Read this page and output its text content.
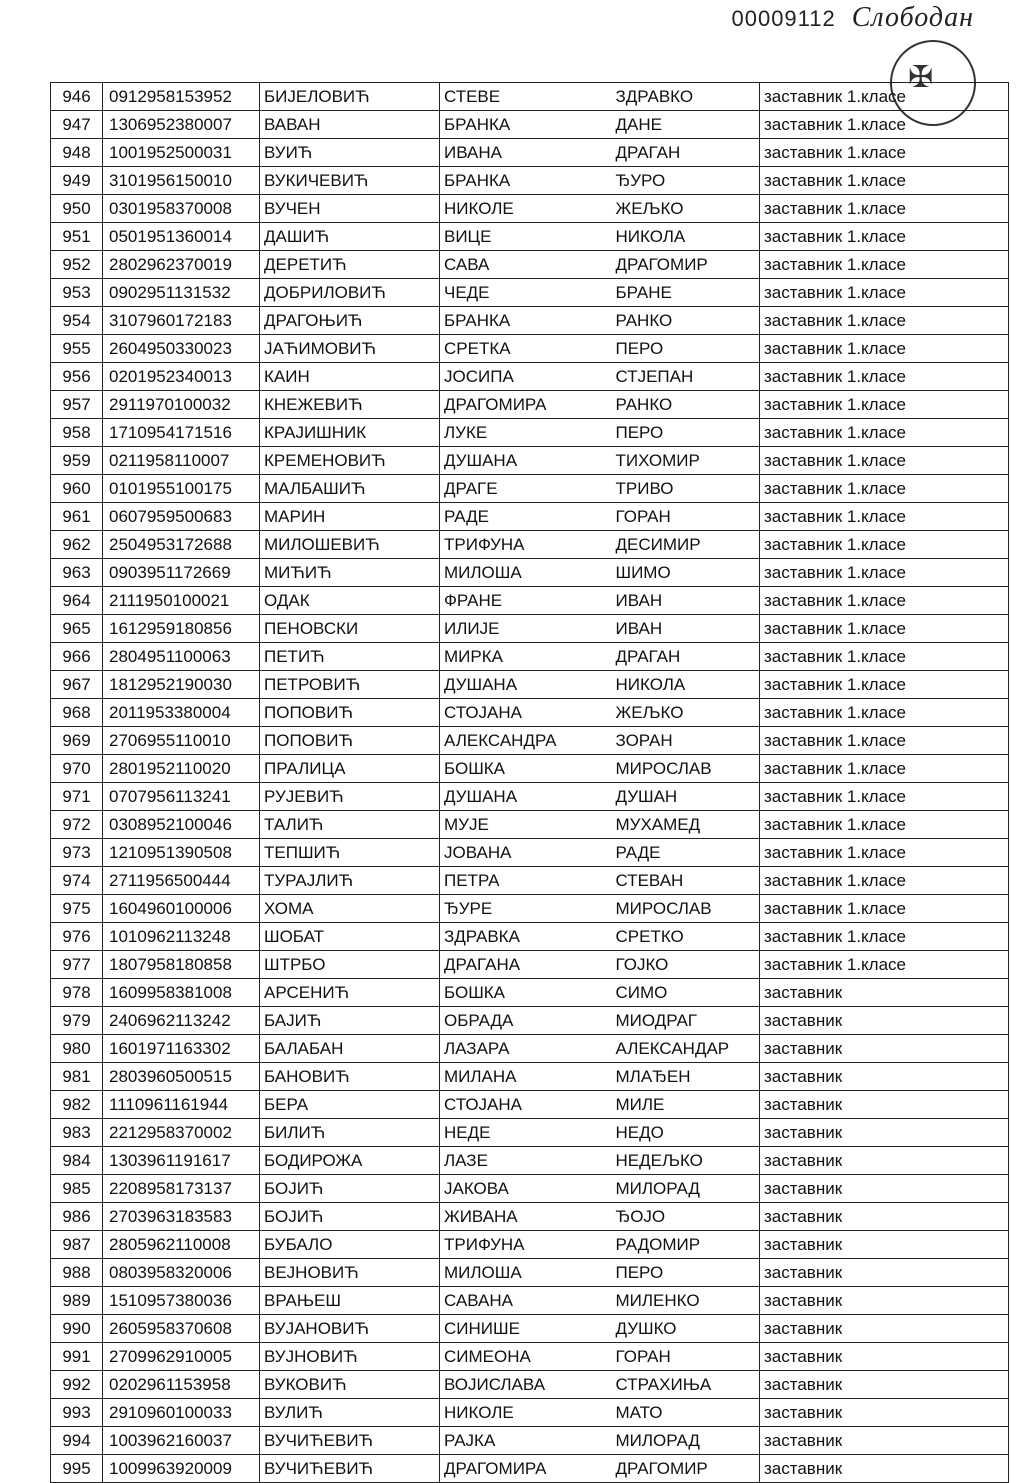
00009112 Слободан
✠
946	0912958153952	БИЈЕЛОВИЋ	СТЕВЕ	ЗДРАВКО	заставник 1.класе
947	1306952380007	ВАВАН	БРАНКА	ДАНЕ	заставник 1.класе
948	1001952500031	ВУИЋ	ИВАНА	ДРАГАН	заставник 1.класе
949	3101956150010	ВУКИЧЕВИЋ	БРАНКА	ЂУРО	заставник 1.класе
950	0301958370008	ВУЧЕН	НИКОЛЕ	ЖЕЉКО	заставник 1.класе
951	0501951360014	ДАШИЋ	ВИЦЕ	НИКОЛА	заставник 1.класе
952	2802962370019	ДЕРЕТИЋ	САВА	ДРАГОМИР	заставник 1.класе
953	0902951131532	ДОБРИЛОВИЋ	ЧЕДЕ	БРАНЕ	заставник 1.класе
954	3107960172183	ДРАГОЊИЋ	БРАНКА	РАНКО	заставник 1.класе
955	2604950330023	ЈАЋИМОВИЋ	СРЕТКА	ПЕРО	заставник 1.класе
956	0201952340013	КАИН	ЈОСИПА	СТЈЕПАН	заставник 1.класе
957	2911970100032	КНЕЖЕВИЋ	ДРАГОМИРА	РАНКО	заставник 1.класе
958	1710954171516	КРАЈИШНИК	ЛУКЕ	ПЕРО	заставник 1.класе
959	0211958110007	КРЕМЕНОВИЋ	ДУШАНА	ТИХОМИР	заставник 1.класе
960	0101955100175	МАЛБАШИЋ	ДРАГЕ	ТРИВО	заставник 1.класе
961	0607959500683	МАРИН	РАДЕ	ГОРАН	заставник 1.класе
962	2504953172688	МИЛОШЕВИЋ	ТРИФУНА	ДЕСИМИР	заставник 1.класе
963	0903951172669	МИЋИЋ	МИЛОША	ШИМО	заставник 1.класе
964	2111950100021	ОДАК	ФРАНЕ	ИВАН	заставник 1.класе
965	1612959180856	ПЕНОВСКИ	ИЛИЈЕ	ИВАН	заставник 1.класе
966	2804951100063	ПЕТИЋ	МИРКА	ДРАГАН	заставник 1.класе
967	1812952190030	ПЕТРОВИЋ	ДУШАНА	НИКОЛА	заставник 1.класе
968	2011953380004	ПОПОВИЋ	СТОЈАНА	ЖЕЉКО	заставник 1.класе
969	2706955110010	ПОПОВИЋ	АЛЕКСАНДРА	ЗОРАН	заставник 1.класе
970	2801952110020	ПРАЛИЦА	БОШКА	МИРОСЛАВ	заставник 1.класе
971	0707956113241	РУЈЕВИЋ	ДУШАНА	ДУШАН	заставник 1.класе
972	0308952100046	ТАЛИЋ	МУЈЕ	МУХАМЕД	заставник 1.класе
973	1210951390508	ТЕПШИЋ	ЈОВАНА	РАДЕ	заставник 1.класе
974	2711956500444	ТУРАЈЛИЋ	ПЕТРА	СТЕВАН	заставник 1.класе
975	1604960100006	ХОМА	ЂУРЕ	МИРОСЛАВ	заставник 1.класе
976	1010962113248	ШОБАТ	ЗДРАВКА	СРЕТКО	заставник 1.класе
977	1807958180858	ШТРБО	ДРАГАНА	ГОЈКО	заставник 1.класе
978	1609958381008	АРСЕНИЋ	БОШКА	СИМО	заставник
979	2406962113242	БАЈИЋ	ОБРАДА	МИОДРАГ	заставник
980	1601971163302	БАЛАБАН	ЛАЗАРА	АЛЕКСАНДАР	заставник
981	2803960500515	БАНОВИЋ	МИЛАНА	МЛАЂЕН	заставник
982	1110961161944	БЕРА	СТОЈАНА	МИЛЕ	заставник
983	2212958370002	БИЛИЋ	НЕДЕ	НЕДО	заставник
984	1303961191617	БОДИРОЖА	ЛАЗЕ	НЕДЕЉКО	заставник
985	2208958173137	БОЈИЋ	ЈАКОВА	МИЛОРАД	заставник
986	2703963183583	БОЈИЋ	ЖИВАНА	ЂОЈО	заставник
987	2805962110008	БУБАЛО	ТРИФУНА	РАДОМИР	заставник
988	0803958320006	ВЕЈНОВИЋ	МИЛОША	ПЕРО	заставник
989	1510957380036	ВРАЊЕШ	САВАНА	МИЛЕНКО	заставник
990	2605958370608	ВУЈАНОВИЋ	СИНИШЕ	ДУШКО	заставник
991	2709962910005	ВУЈНОВИЋ	СИМЕОНА	ГОРАН	заставник
992	0202961153958	ВУКОВИЋ	ВОЈИСЛАВА	СТРАХИЊА	заставник
993	2910960100033	ВУЛИЋ	НИКОЛЕ	МАТО	заставник
994	1003962160037	ВУЧИЋЕВИЋ	РАЈКА	МИЛОРАД	заставник
995	1009963920009	ВУЧИЋЕВИЋ	ДРАГОМИРА	ДРАГОМИР	заставник
